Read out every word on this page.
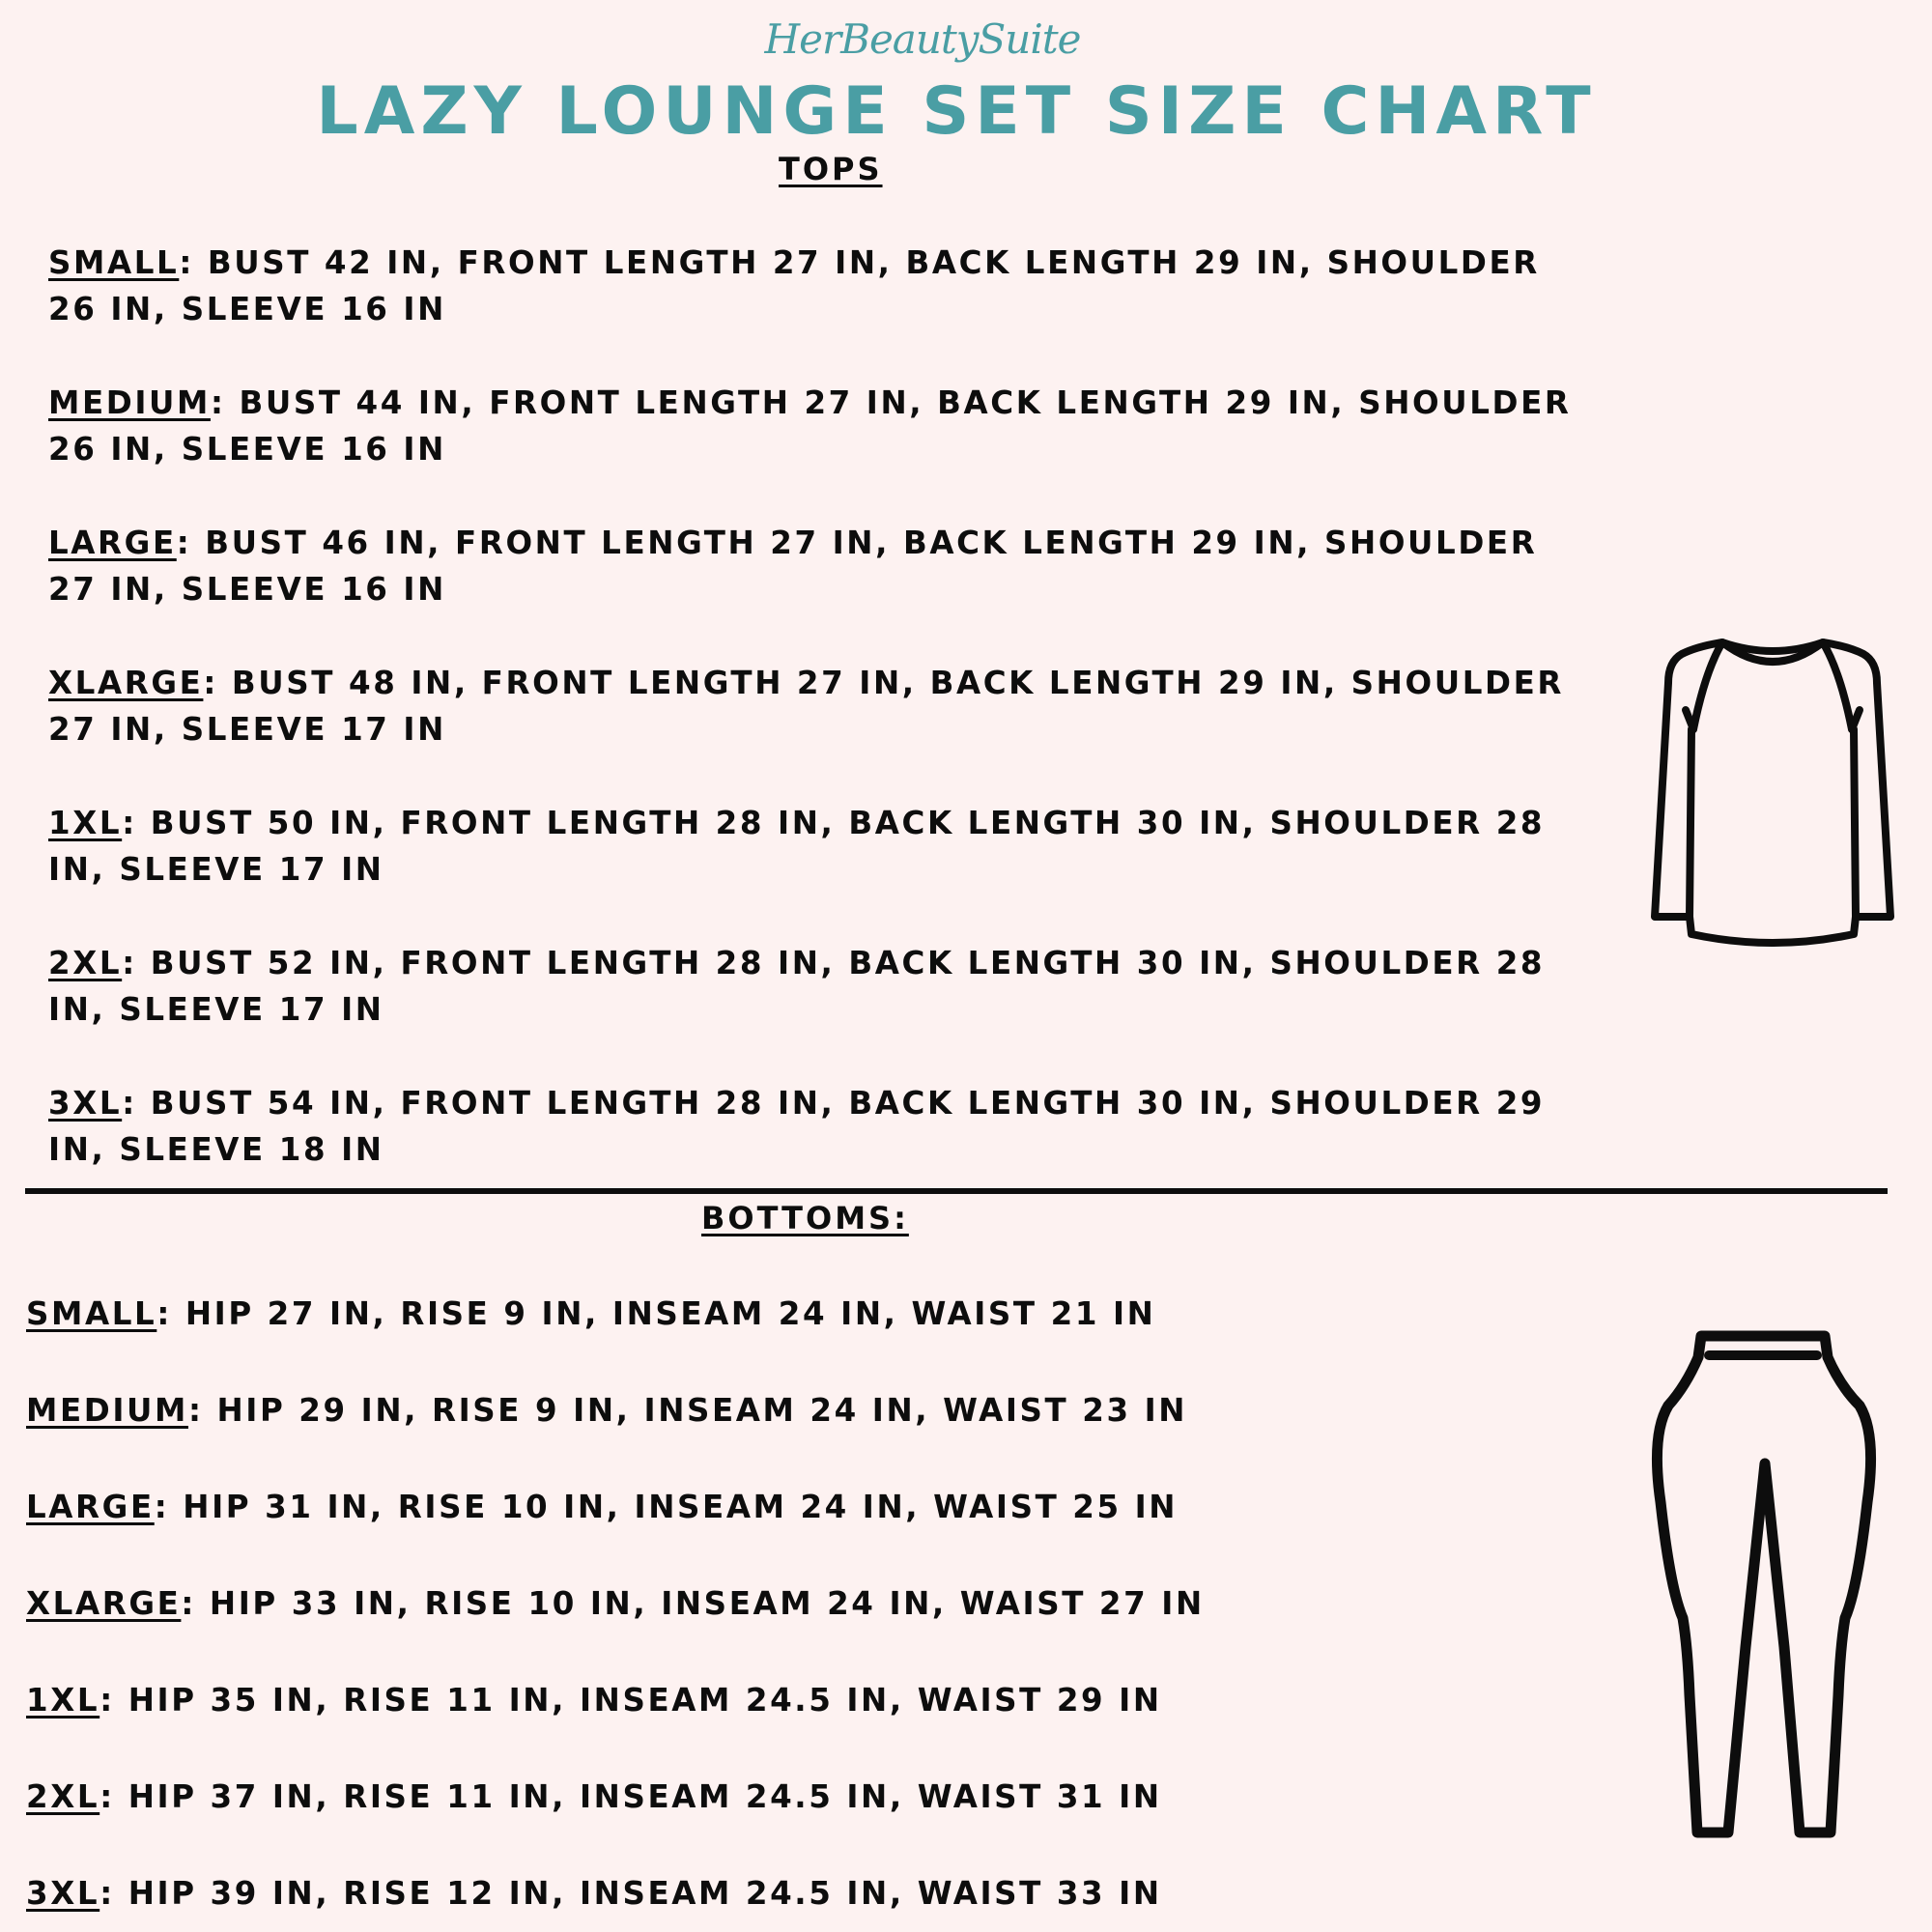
HerBeautySuite
LAZY LOUNGE SET SIZE CHART
TOPS
SMALL: BUST 42 IN, FRONT LENGTH 27 IN, BACK LENGTH 29 IN, SHOULDER
26 IN, SLEEVE 16 IN
MEDIUM: BUST 44 IN, FRONT LENGTH 27 IN, BACK LENGTH 29 IN, SHOULDER
26 IN, SLEEVE 16 IN
LARGE: BUST 46 IN, FRONT LENGTH 27 IN, BACK LENGTH 29 IN, SHOULDER
27 IN, SLEEVE 16 IN
XLARGE: BUST 48 IN, FRONT LENGTH 27 IN, BACK LENGTH 29 IN, SHOULDER
27 IN, SLEEVE 17 IN
1XL: BUST 50 IN, FRONT LENGTH 28 IN, BACK LENGTH 30 IN, SHOULDER 28
IN, SLEEVE 17 IN
2XL: BUST 52 IN, FRONT LENGTH 28 IN, BACK LENGTH 30 IN, SHOULDER 28
IN, SLEEVE 17 IN
3XL: BUST 54 IN, FRONT LENGTH 28 IN, BACK LENGTH 30 IN, SHOULDER 29
IN, SLEEVE 18 IN
BOTTOMS:
SMALL: HIP 27 IN, RISE 9 IN, INSEAM 24 IN, WAIST 21 IN
MEDIUM: HIP 29 IN, RISE 9 IN, INSEAM 24 IN, WAIST 23 IN
LARGE: HIP 31 IN, RISE 10 IN, INSEAM 24 IN, WAIST 25 IN
XLARGE: HIP 33 IN, RISE 10 IN, INSEAM 24 IN, WAIST 27 IN
1XL: HIP 35 IN, RISE 11 IN, INSEAM 24.5 IN, WAIST 29 IN
2XL: HIP 37 IN, RISE 11 IN, INSEAM 24.5 IN, WAIST 31 IN
3XL: HIP 39 IN, RISE 12 IN, INSEAM 24.5 IN, WAIST 33 IN
